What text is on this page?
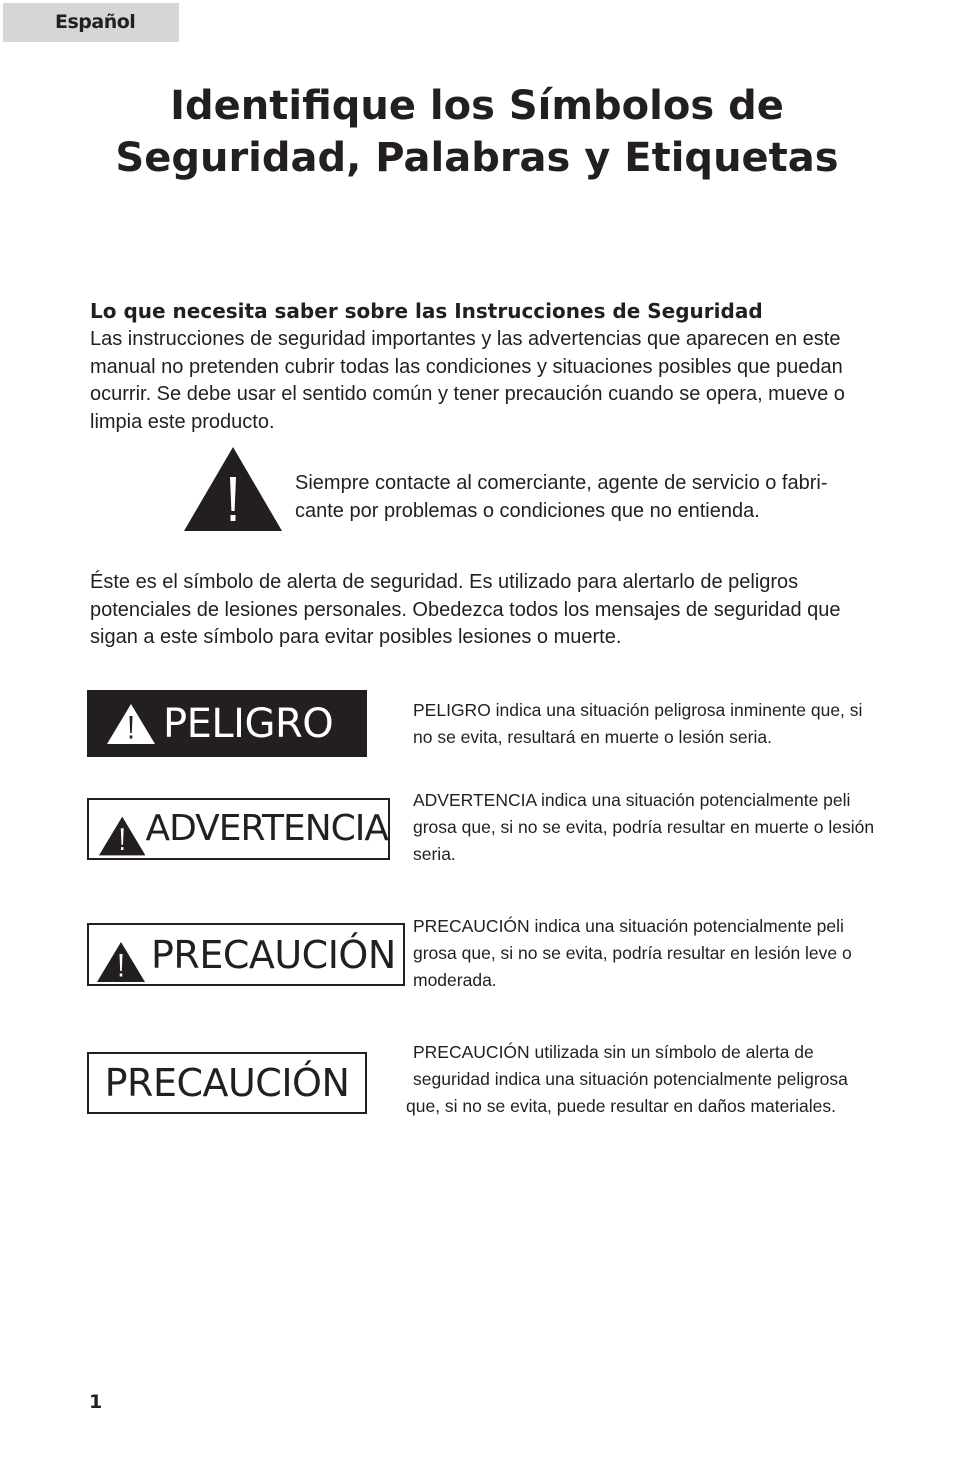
Español
Identifique los Símbolos de
Seguridad, Palabras y Etiquetas
Lo que necesita saber sobre las Instrucciones de Seguridad

Las instrucciones de seguridad importantes y las advertencias que aparecen en este manual no pretenden cubrir todas las condiciones y situaciones posibles que puedan ocurrir. Se debe usar el sentido común y tener precaución cuando se opera, mueve o limpia este producto.

Siempre contacte al comerciante, agente de servicio o fabri- cante por problemas o condiciones que no entienda.

Éste es el símbolo de alerta de seguridad. Es utilizado para alertarlo de peligros potenciales de lesiones personales. Obedezca todos los mensajes de seguridad que sigan a este símbolo para evitar posibles lesiones o muerte.

PELIGRO	PELIGRO indica una situación peligrosa inminente que, si no se evita, resultará en muerte o lesión seria.

ADVERTENCIA

ADVERTENCIA indica una situación potencialmente peli grosa que, si no se evita, podría resultar en muerte o lesión seria.

PRECAUCIÓN

PRECAUCIÓN indica una situación potencialmente peli grosa que, si no se evita, podría resultar en lesión leve o moderada.

PRECAUCIÓN

PRECAUCIÓN utilizada sin un símbolo de alerta de
seguridad indica una situación potencialmente peligrosa
que, si no se evita, puede resultar en daños materiales.

1
